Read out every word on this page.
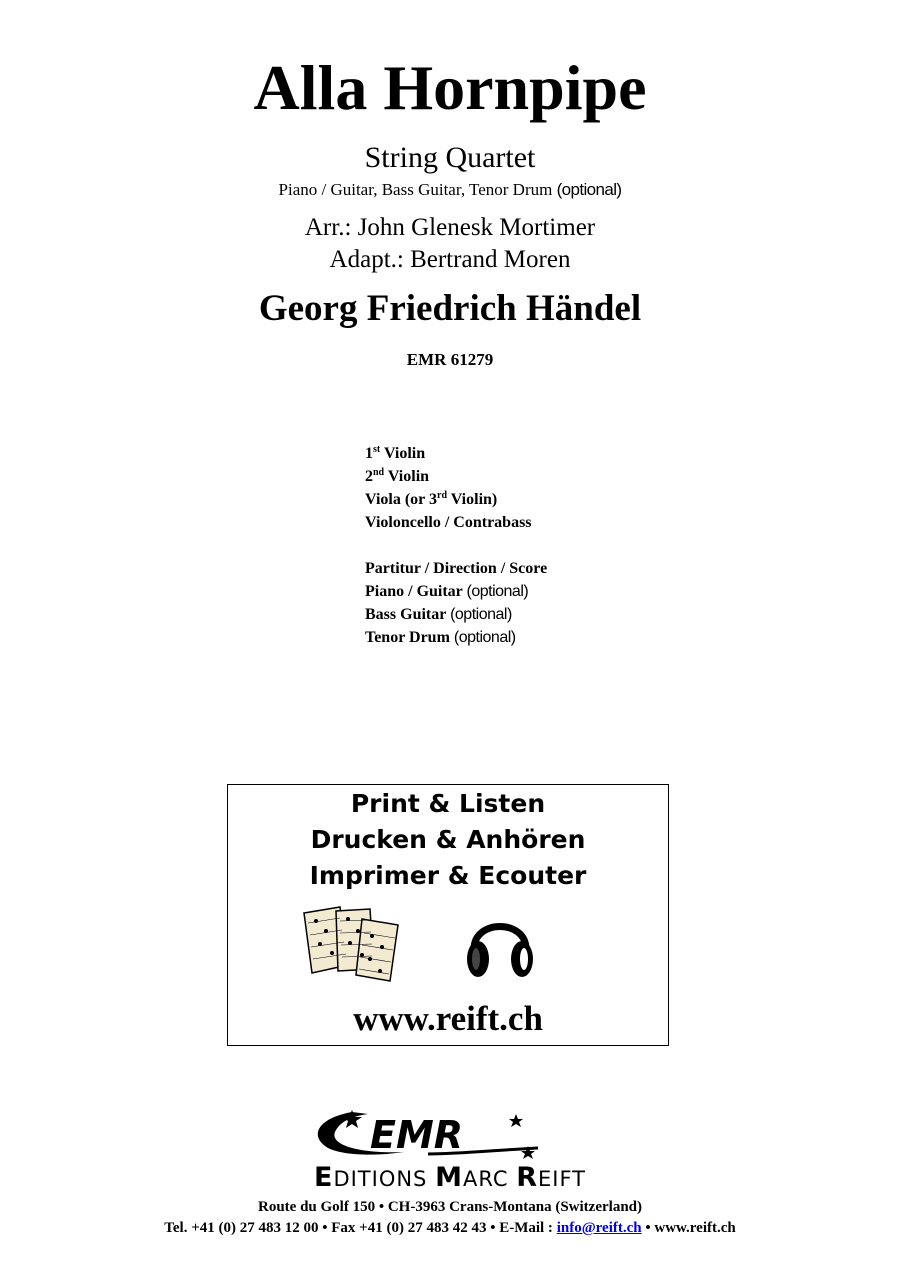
Alla Hornpipe
String Quartet
Piano / Guitar, Bass Guitar, Tenor Drum (optional)
Arr.: John Glenesk Mortimer
Adapt.: Bertrand Moren
Georg Friedrich Händel
EMR 61279
1st Violin
2nd Violin
Viola (or 3rd Violin)
Violoncello / Contrabass
Partitur / Direction / Score
Piano / Guitar (optional)
Bass Guitar (optional)
Tenor Drum (optional)
Print & Listen
Drucken & Anhören
Imprimer & Ecouter
www.reift.ch
EMR
EDITIONS MARC REIFT
Route du Golf 150 • CH-3963 Crans-Montana (Switzerland)
Tel. +41 (0) 27 483 12 00 • Fax +41 (0) 27 483 42 43 • E-Mail : info@reift.ch • www.reift.ch
